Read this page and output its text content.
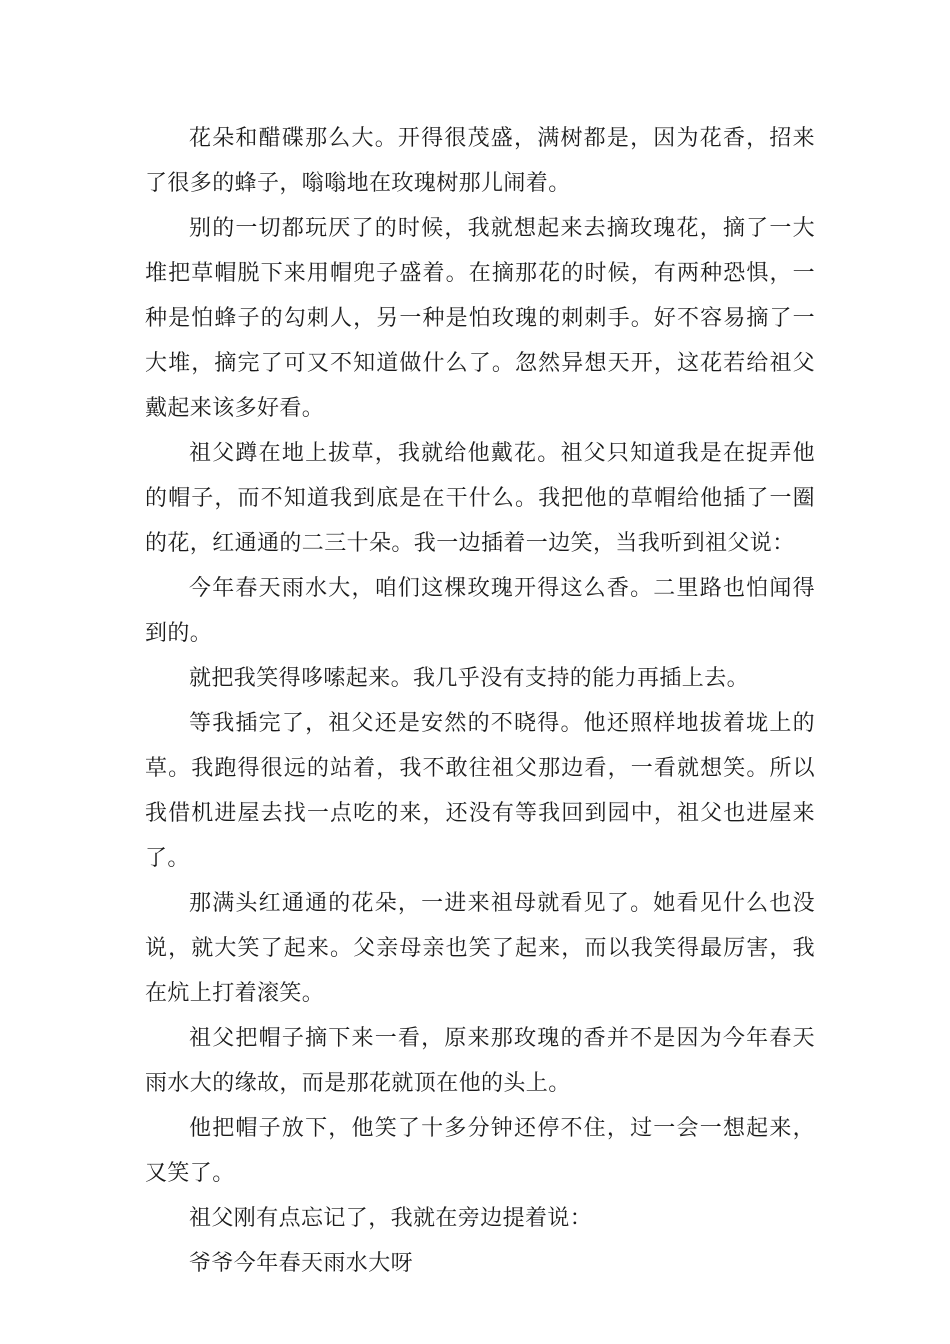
花朵和醋碟那么大。开得很茂盛，满树都是，因为花香，招来了很多的蜂子，嗡嗡地在玫瑰树那儿闹着。

别的一切都玩厌了的时候，我就想起来去摘玫瑰花，摘了一大堆把草帽脱下来用帽兜子盛着。在摘那花的时候，有两种恐惧，一种是怕蜂子的勾刺人，另一种是怕玫瑰的刺刺手。好不容易摘了一大堆，摘完了可又不知道做什么了。忽然异想天开，这花若给祖父戴起来该多好看。

祖父蹲在地上拔草，我就给他戴花。祖父只知道我是在捉弄他的帽子，而不知道我到底是在干什么。我把他的草帽给他插了一圈的花，红通通的二三十朵。我一边插着一边笑，当我听到祖父说：

今年春天雨水大，咱们这棵玫瑰开得这么香。二里路也怕闻得到的。

就把我笑得哆嗦起来。我几乎没有支持的能力再插上去。

等我插完了，祖父还是安然的不晓得。他还照样地拔着垅上的草。我跑得很远的站着，我不敢往祖父那边看，一看就想笑。所以我借机进屋去找一点吃的来，还没有等我回到园中，祖父也进屋来了。

那满头红通通的花朵，一进来祖母就看见了。她看见什么也没说，就大笑了起来。父亲母亲也笑了起来，而以我笑得最厉害，我在炕上打着滚笑。

祖父把帽子摘下来一看，原来那玫瑰的香并不是因为今年春天雨水大的缘故，而是那花就顶在他的头上。

他把帽子放下，他笑了十多分钟还停不住，过一会一想起来，又笑了。

祖父刚有点忘记了，我就在旁边提着说：

爷爷今年春天雨水大呀
